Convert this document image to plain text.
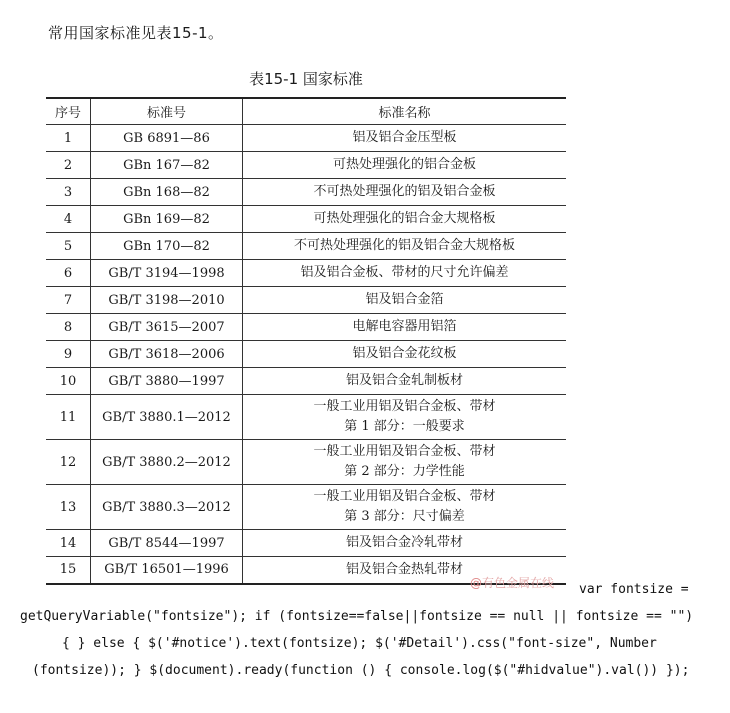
常用国家标准见表15-1。

表15-1 国家标准

序号	标准号	标准名称
1	GB 6891—86	铝及铝合金压型板

2	GBn 167—82	可热处理强化的铝合金板

3	GBn 168—82	不可热处理强化的铝及铝合金板

4	GBn 169—82	可热处理强化的铝合金大规格板

5	GBn 170—82	不可热处理强化的铝及铝合金大规格板

6	GB/T 3194—1998	铝及铝合金板、带材的尺寸允许偏差

7	GB/T 3198—2010	铝及铝合金箔

8	GB/T 3615—2007	电解电容器用铝箔

9	GB/T 3618—2006	铝及铝合金花纹板

10	GB/T 3880—1997	铝及铝合金轧制板材

11	GB/T 3880.1—2012	一般工业用铝及铝合金板、带材
第 1 部分：一般要求

12	GB/T 3880.2—2012	一般工业用铝及铝合金板、带材
第 2 部分：力学性能

13	GB/T 3880.3—2012	一般工业用铝及铝合金板、带材
第 3 部分：尺寸偏差

14	GB/T 8544—1997	铝及铝合金冷轧带材

15	GB/T 16501—1996	铝及铝合金热轧带材
@有色金属在线	var fontsize =
getQueryVariable("fontsize"); if (fontsize==false||fontsize == null || fontsize == "")
{ } else { $('#notice').text(fontsize); $('#Detail').css("font-size", Number
(fontsize)); } $(document).ready(function () { console.log($("#hidvalue").val()) });
